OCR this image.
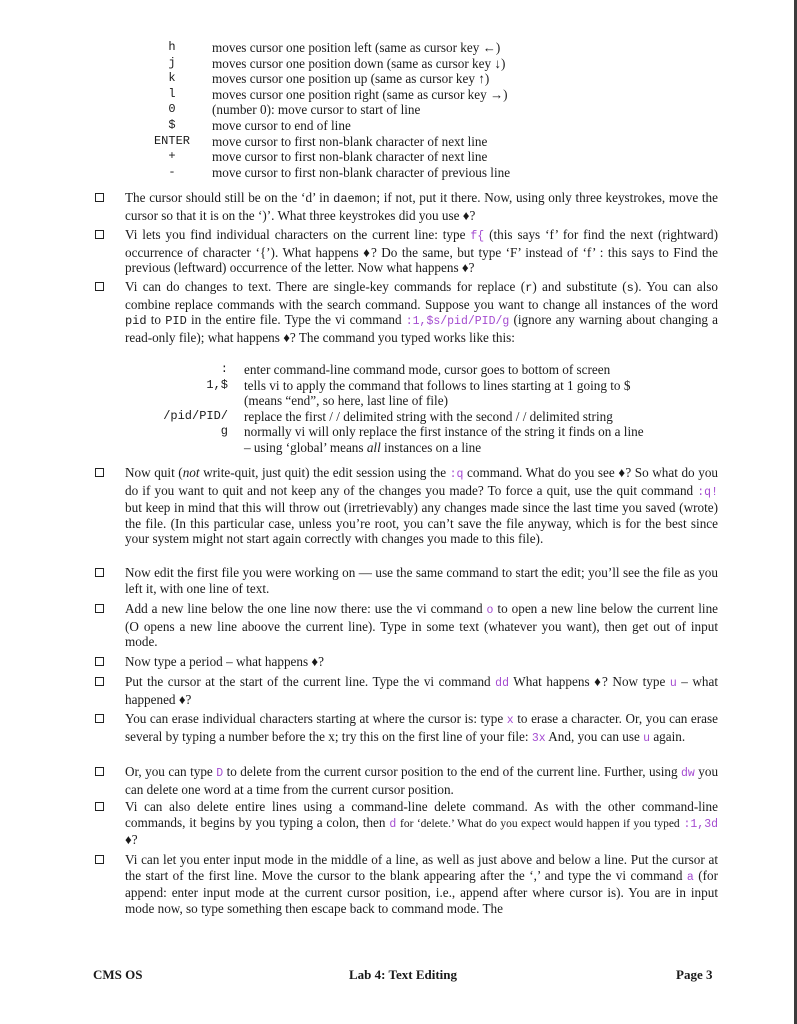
h	moves cursor one position left (same as cursor key ←)
j	moves cursor one position down (same as cursor key ↓)
k	moves cursor one position up (same as cursor key ↑)
l	moves cursor one position right (same as cursor key →)
0	(number 0): move cursor to start of line
$	move cursor to end of line
ENTER	move cursor to first non-blank character of next line
+	move cursor to first non-blank character of next line
-	move cursor to first non-blank character of previous line
The cursor should still be on the ‘d’ in daemon; if not, put it there. Now, using only three keystrokes, move the cursor so that it is on the ‘)’. What three keystrokes did you use ♦?
Vi lets you find individual characters on the current line: type f{ (this says ‘f’ for find the next (rightward) occurrence of character ‘{’). What happens ♦? Do the same, but type ‘F’ instead of ‘f’ : this says to Find the previous (leftward) occurrence of the letter. Now what happens ♦?
Vi can do changes to text. There are single-key commands for replace (r) and substitute (s). You can also combine replace commands with the search command. Suppose you want to change all instances of the word pid to PID in the entire file. Type the vi command :1,$s/pid/PID/g (ignore any warning about changing a read-only file); what happens ♦? The command you typed works like this:
:	enter command-line command mode, cursor goes to bottom of screen
1,$	tells vi to apply the command that follows to lines starting at 1 going to $
(means “end”, so here, last line of file)
/pid/PID/	replace the first / / delimited string with the second / / delimited string
g	normally vi will only replace the first instance of the string it finds on a line
– using ‘global’ means all instances on a line
Now quit (not write-quit, just quit) the edit session using the :q command. What do you see ♦? So what do you do if you want to quit and not keep any of the changes you made? To force a quit, use the quit command :q! but keep in mind that this will throw out (irretrievably) any changes made since the last time you saved (wrote) the file. (In this particular case, unless you’re root, you can’t save the file anyway, which is for the best since your system might not start again correctly with changes you made to this file).
Now edit the first file you were working on — use the same command to start the edit; you’ll see the file as you left it, with one line of text.
Add a new line below the one line now there: use the vi command o to open a new line below the current line (O opens a new line aboove the current line). Type in some text (whatever you want), then get out of input mode.
Now type a period – what happens ♦?
Put the cursor at the start of the current line. Type the vi command dd What happens ♦? Now type u – what happened ♦?
You can erase individual characters starting at where the cursor is: type x to erase a character. Or, you can erase several by typing a number before the x; try this on the first line of your file: 3x And, you can use u again.
Or, you can type D to delete from the current cursor position to the end of the current line. Further, using dw you can delete one word at a time from the current cursor position.
Vi can also delete entire lines using a command-line delete command. As with the other command-line commands, it begins by you typing a colon, then d for ‘delete.’ What do you expect would happen if you typed :1,3d ♦?
Vi can let you enter input mode in the middle of a line, as well as just above and below a line. Put the cursor at the start of the first line. Move the cursor to the blank appearing after the ‘,’ and type the vi command a (for append: enter input mode at the current cursor position, i.e., append after where cursor is). You are in input mode now, so type something then escape back to command mode. The
CMS OS	Lab 4: Text Editing	Page 3
